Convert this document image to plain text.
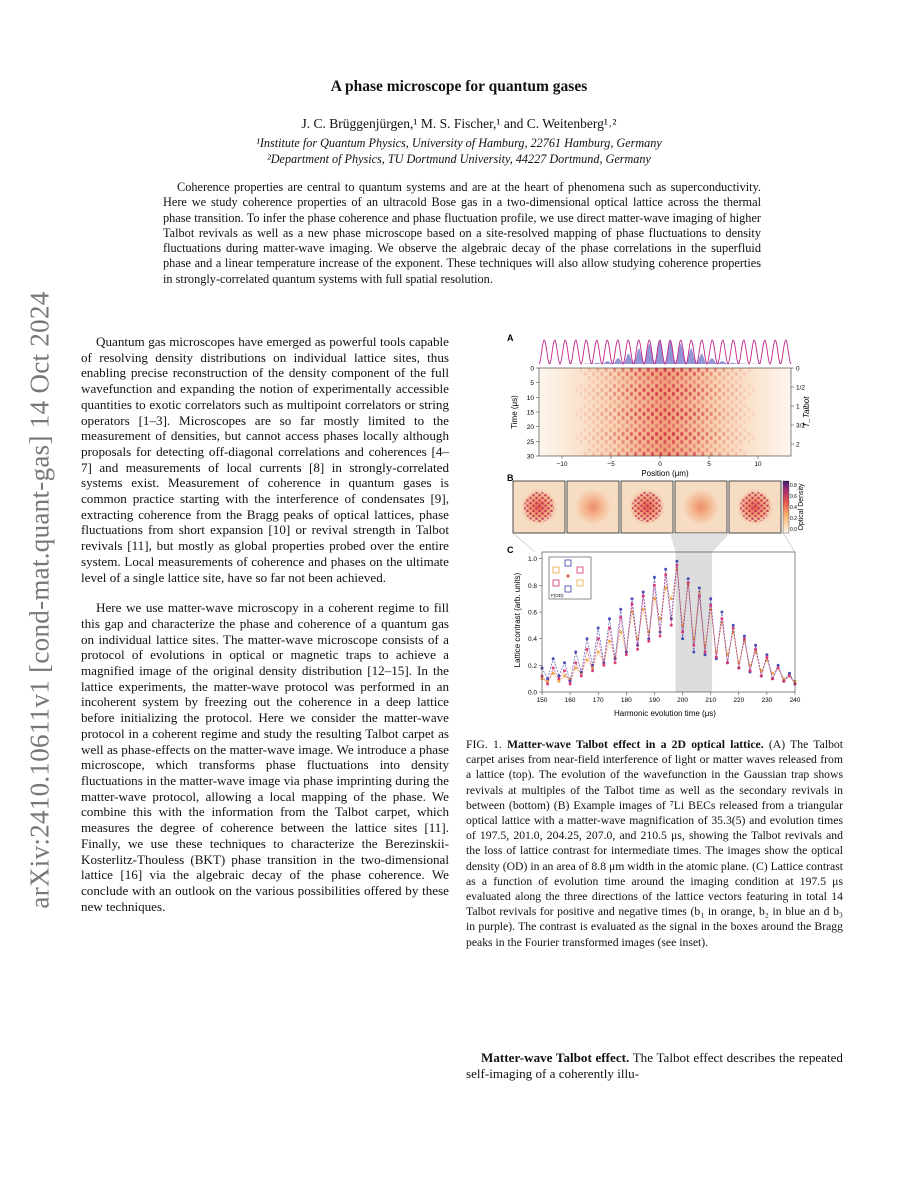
arXiv:2410.10611v1 [cond-mat.quant-gas] 14 Oct 2024
A phase microscope for quantum gases
J. C. Brüggenjürgen,¹ M. S. Fischer,¹ and C. Weitenberg¹˒²
¹Institute for Quantum Physics, University of Hamburg, 22761 Hamburg, Germany
²Department of Physics, TU Dortmund University, 44227 Dortmund, Germany

Coherence properties are central to quantum systems and are at the heart of phenomena such as superconductivity. Here we study coherence properties of an ultracold Bose gas in a two-dimensional optical lattice across the thermal phase transition. To infer the phase coherence and phase fluctuation profile, we use direct matter-wave imaging of higher Talbot revivals as well as a new phase microscope based on a site-resolved mapping of phase fluctuations to density fluctuations during matter-wave imaging. We observe the algebraic decay of the phase correlations in the superfluid phase and a linear temperature increase of the exponent. These techniques will also allow studying coherence properties in strongly-correlated quantum systems with full spatial resolution.

Quantum gas microscopes have emerged as powerful tools capable of resolving density distributions on individual lattice sites, thus enabling precise reconstruction of the density component of the full wavefunction and expanding the notion of experimentally accessible quantities to exotic correlators such as multipoint correlators or string operators [1–3]. Microscopes are so far mostly limited to the measurement of densities, but cannot access phases locally although proposals for detecting off-diagonal correlations and coherences [4–7] and measurements of local currents [8] in strongly-correlated systems exist. Measurement of coherence in quantum gases is common practice starting with the interference of condensates [9], extracting coherence from the Bragg peaks of optical lattices, phase fluctuations from short expansion [10] or revival strength in Talbot revivals [11], but mostly as global properties probed over the entire system. Local measurements of coherence and phases on the ultimate level of a single lattice site, have so far not been achieved.

Here we use matter-wave microscopy in a coherent regime to fill this gap and characterize the phase and coherence of a quantum gas on individual lattice sites. The matter-wave microscope consists of a protocol of evolutions in optical or magnetic traps to achieve a magnified image of the original density distribution [12–15]. In the lattice experiments, the matter-wave protocol was performed in an incoherent system by freezing out the coherence in a deep lattice before initializing the protocol. Here we consider the matter-wave protocol in a coherent regime and study the resulting Talbot carpet as well as phase-effects on the matter-wave image. We introduce a phase microscope, which transforms phase fluctuations into density fluctuations in the matter-wave image via phase imprinting during the matter-wave protocol, allowing a local mapping of the phase. We combine this with the information from the Talbot carpet, which measures the degree of coherence between the lattice sites [11]. Finally, we use these techniques to characterize the Berezinskii-Kosterlitz-Thouless (BKT) phase transition in the two-dimensional lattice [16] via the algebraic decay of the phase coherence. We conclude with an outlook on the various possibilities offered by these new techniques.

A
0
5
10
15
20
25
30
−10	−5	0	5	10
0
1/2
1
3/2
2
Time (μs)
Position (μm)
T_Talbot
B
0.8
0.6
0.4
0.2
0.0 Optical Density
C
150	160	170	180	190	200	210	220	230	240
0.0
0.2
0.4
0.6
0.8
1.0
Harmonic evolution time (μs)
Lattice contrast (arb. units)	F(OD)

FIG. 1. Matter-wave Talbot effect in a 2D optical lattice. (A) The Talbot carpet arises from near-field interference of light or matter waves released from a lattice (top). The evolution of the wavefunction in the Gaussian trap shows revivals at multiples of the Talbot time as well as the secondary revivals in between (bottom) (B) Example images of ⁷Li BECs released from a triangular optical lattice with a matter-wave magnification of 35.3(5) and evolution times of 197.5, 201.0, 204.25, 207.0, and 210.5 μs, showing the Talbot revivals and the loss of lattice contrast for intermediate times. The images show the optical density (OD) in an area of 8.8 μm width in the atomic plane. (C) Lattice contrast as a function of evolution time around the imaging condition at 197.5 μs evaluated along the three directions of the lattice vectors featuring in total 14 Talbot revivals for positive and negative times (b₁ in orange, b₂ in blue an d b₃ in purple). The contrast is evaluated as the signal in the boxes around the Bragg peaks in the Fourier transformed images (see inset).

Matter-wave Talbot effect. The Talbot effect describes the repeated self-imaging of a coherently illu-
